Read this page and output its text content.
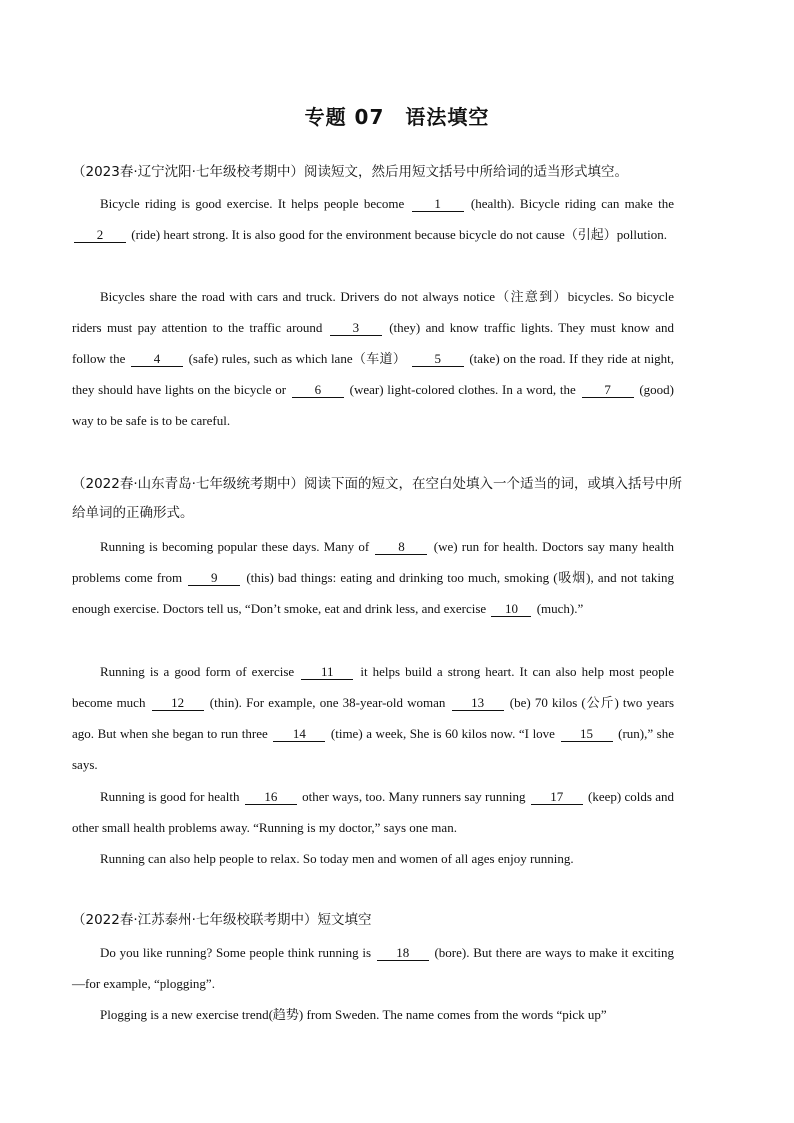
专题 07　语法填空
（2023春·辽宁沈阳·七年级校考期中）阅读短文，然后用短文括号中所给词的适当形式填空。
Bicycle riding is good exercise. It helps people become 1 (health). Bicycle riding can make the 2 (ride) heart strong. It is also good for the environment because bicycle do not cause（引起）pollution.
Bicycles share the road with cars and truck. Drivers do not always notice（注意到）bicycles. So bicycle riders must pay attention to the traffic around 3 (they) and know traffic lights. They must know and follow the 4 (safe) rules, such as which lane（车道） 5 (take) on the road. If they ride at night, they should have lights on the bicycle or 6 (wear) light-colored clothes. In a word, the 7 (good) way to be safe is to be careful.
（2022春·山东青岛·七年级统考期中）阅读下面的短文，在空白处填入一个适当的词，或填入括号中所给单词的正确形式。
Running is becoming popular these days. Many of 8 (we) run for health. Doctors say many health problems come from 9 (this) bad things: eating and drinking too much, smoking (吸烟), and not taking enough exercise. Doctors tell us, “Don’t smoke, eat and drink less, and exercise 10 (much).”
Running is a good form of exercise 11 it helps build a strong heart. It can also help most people become much 12 (thin). For example, one 38-year-old woman 13 (be) 70 kilos (公斤) two years ago. But when she began to run three 14 (time) a week, She is 60 kilos now. “I love 15 (run),” she says.
Running is good for health 16 other ways, too. Many runners say running 17 (keep) colds and other small health problems away. “Running is my doctor,” says one man.
Running can also help people to relax. So today men and women of all ages enjoy running.
（2022春·江苏泰州·七年级校联考期中）短文填空
Do you like running? Some people think running is 18 (bore). But there are ways to make it exciting—for example, “plogging”.
Plogging is a new exercise trend(趋势) from Sweden. The name comes from the words “pick up”
